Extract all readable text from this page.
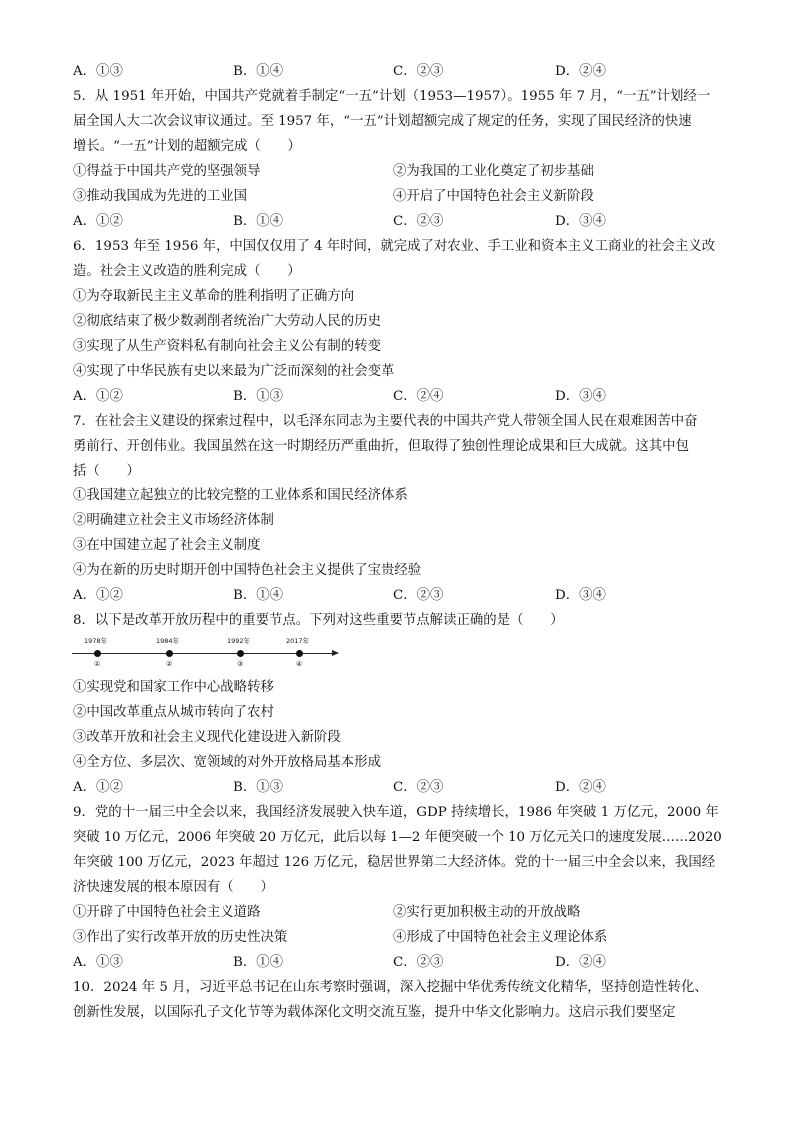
A．①③	B．①④	C．②③	D．②④
5．从 1951 年开始，中国共产党就着手制定“一五”计划（1953—1957）。1955 年 7 月，“一五”计划经一
届全国人大二次会议审议通过。至 1957 年，“一五”计划超额完成了规定的任务，实现了国民经济的快速
增长。“一五”计划的超额完成（　　）
①得益于中国共产党的坚强领导	②为我国的工业化奠定了初步基础
③推动我国成为先进的工业国	④开启了中国特色社会主义新阶段
A．①②	B．①④	C．②③	D．③④
6．1953 年至 1956 年，中国仅仅用了 4 年时间，就完成了对农业、手工业和资本主义工商业的社会主义改
造。社会主义改造的胜利完成（　　）
①为夺取新民主主义革命的胜利指明了正确方向
②彻底结束了极少数剥削者统治广大劳动人民的历史
③实现了从生产资料私有制向社会主义公有制的转变
④实现了中华民族有史以来最为广泛而深刻的社会变革
A．①②	B．①③	C．②④	D．③④
7．在社会主义建设的探索过程中，以毛泽东同志为主要代表的中国共产党人带领全国人民在艰难困苦中奋
勇前行、开创伟业。我国虽然在这一时期经历严重曲折，但取得了独创性理论成果和巨大成就。这其中包
括（　　）
①我国建立起独立的比较完整的工业体系和国民经济体系
②明确建立社会主义市场经济体制
③在中国建立起了社会主义制度
④为在新的历史时期开创中国特色社会主义提供了宝贵经验
A．①②	B．①④	C．②③	D．③④
8．以下是改革开放历程中的重要节点。下列对这些重要节点解读正确的是（　　）
1978年	1984年	1992年	2017年
①	②	③	④
①实现党和国家工作中心战略转移
②中国改革重点从城市转向了农村
③改革开放和社会主义现代化建设进入新阶段
④全方位、多层次、宽领域的对外开放格局基本形成
A．①②	B．①③	C．②③	D．②④
9．党的十一届三中全会以来，我国经济发展驶入快车道，GDP 持续增长，1986 年突破 1 万亿元，2000 年
突破 10 万亿元，2006 年突破 20 万亿元，此后以每 1—2 年便突破一个 10 万亿元关口的速度发展……2020
年突破 100 万亿元，2023 年超过 126 万亿元，稳居世界第二大经济体。党的十一届三中全会以来，我国经
济快速发展的根本原因有（　　）
①开辟了中国特色社会主义道路	②实行更加积极主动的开放战略
③作出了实行改革开放的历史性决策	④形成了中国特色社会主义理论体系
A．①③	B．①④	C．②③	D．②④
10．2024 年 5 月，习近平总书记在山东考察时强调，深入挖掘中华优秀传统文化精华，坚持创造性转化、
创新性发展，以国际孔子文化节等为载体深化文明交流互鉴，提升中华文化影响力。这启示我们要坚定
